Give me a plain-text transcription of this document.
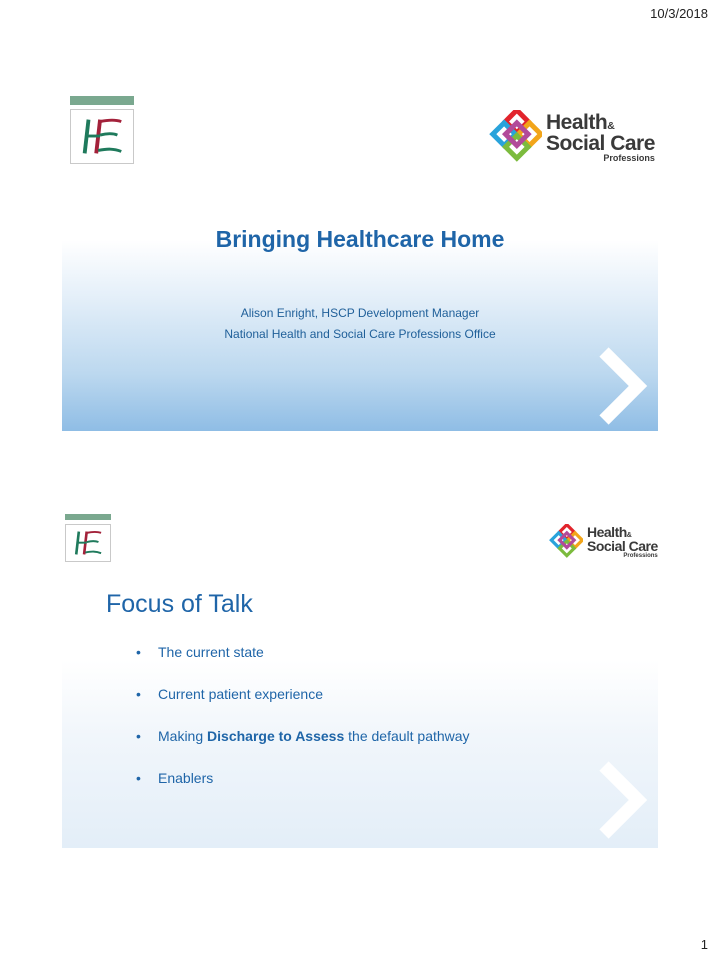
10/3/2018
Health&
Social Care
Professions
Bringing Healthcare Home

Alison Enright, HSCP Development Manager

National Health and Social Care Professions Office

Health&
Social Care
Professions
Focus of Talk
• The current state
• Current patient experience
• Making Discharge to Assess the default pathway
• Enablers
1
